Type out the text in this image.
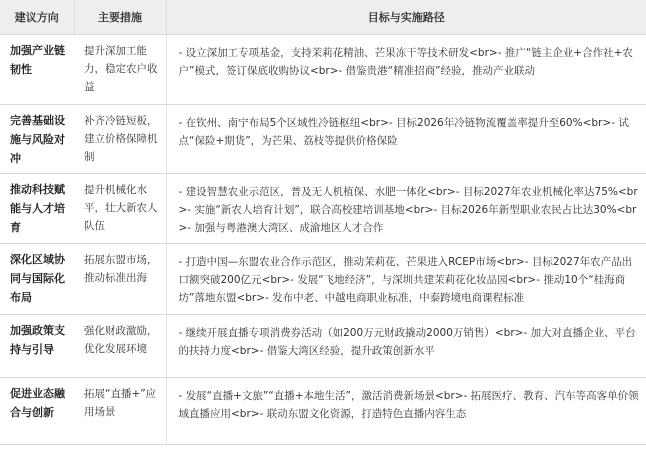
建议方向	主要措施	目标与实施路径
加强产业链韧性	提升深加工能力，稳定农户收益	- 设立深加工专项基金，支持茉莉花精油、芒果冻干等技术研发<br>- 推广“链主企业+合作社+农户”模式，签订保底收购协议<br>- 借鉴贵港“精准招商”经验，推动产业联动
完善基础设施与风险对冲	补齐冷链短板，建立价格保障机制	- 在钦州、南宁布局5个区域性冷链枢纽<br>- 目标2026年冷链物流覆盖率提升至60%<br>- 试点“保险+期货”，为芒果、荔枝等提供价格保险
推动科技赋能与人才培育	提升机械化水平，壮大新农人队伍	- 建设智慧农业示范区，普及无人机植保、水肥一体化<br>- 目标2027年农业机械化率达75%<br>- 实施“新农人培育计划”，联合高校建培训基地<br>- 目标2026年新型职业农民占比达30%<br>- 加强与粤港澳大湾区、成渝地区人才合作
深化区域协同与国际化布局	拓展东盟市场，推动标准出海	- 打造中国—东盟农业合作示范区，推动茉莉花、芒果进入RCEP市场<br>- 目标2027年农产品出口额突破200亿元<br>- 发展“飞地经济”，与深圳共建茉莉花化妆品园<br>- 推动10个“桂海商坊”落地东盟<br>- 发布中老、中越电商职业标准，中泰跨境电商课程标准
加强政策支持与引导	强化财政激励，优化发展环境	- 继续开展直播专项消费券活动（如200万元财政撬动2000万销售）<br>- 加大对直播企业、平台的扶持力度<br>- 借鉴大湾区经验，提升政策创新水平
促进业态融合与创新	拓展“直播+”应用场景	- 发展“直播+文旅”“直播+本地生活”，激活消费新场景<br>- 拓展医疗、教育、汽车等高客单价领域直播应用<br>- 联动东盟文化资源，打造特色直播内容生态
